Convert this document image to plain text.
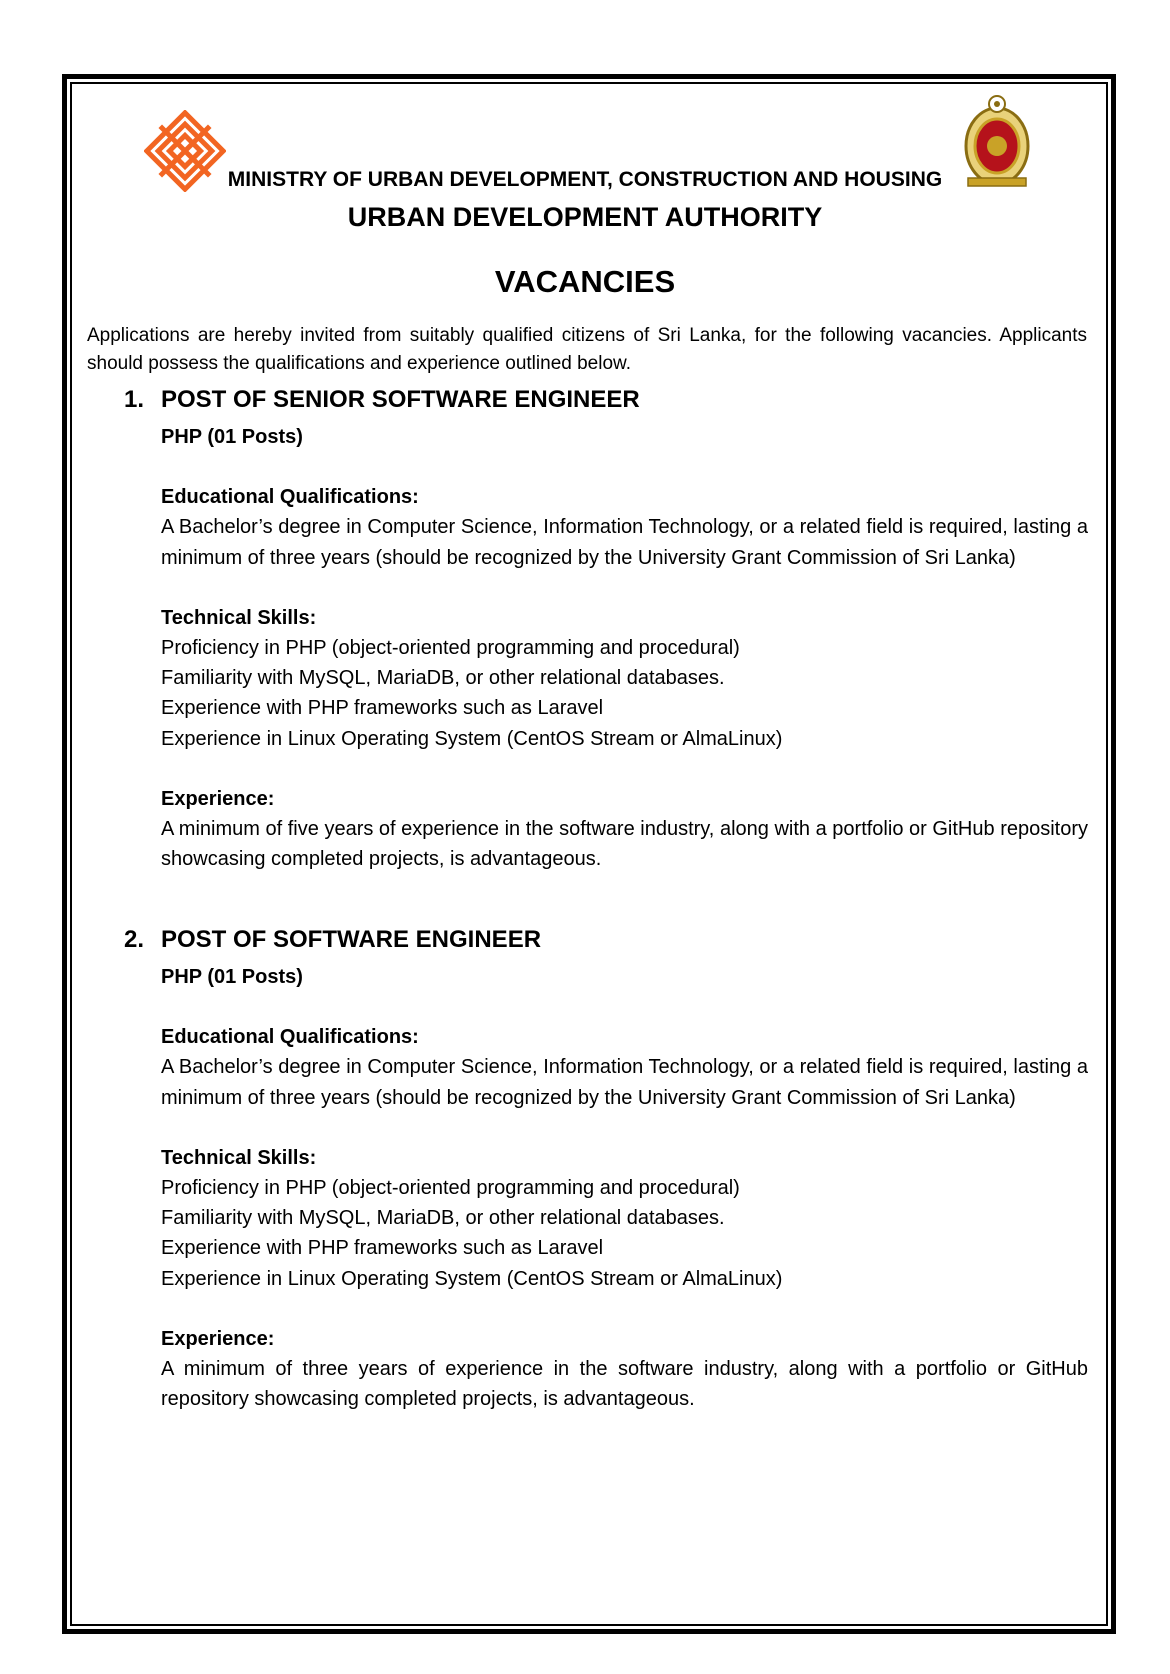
MINISTRY OF URBAN DEVELOPMENT, CONSTRUCTION AND HOUSING
URBAN DEVELOPMENT AUTHORITY
VACANCIES
Applications are hereby invited from suitably qualified citizens of Sri Lanka, for the following vacancies. Applicants should possess the qualifications and experience outlined below.
1. POST OF SENIOR SOFTWARE ENGINEER
PHP (01 Posts)
Educational Qualifications:
A Bachelor’s degree in Computer Science, Information Technology, or a related field is required, lasting a minimum of three years (should be recognized by the University Grant Commission of Sri Lanka)
Technical Skills:
Proficiency in PHP (object-oriented programming and procedural)
Familiarity with MySQL, MariaDB, or other relational databases.
Experience with PHP frameworks such as Laravel
Experience in Linux Operating System (CentOS Stream or AlmaLinux)
Experience:
A minimum of five years of experience in the software industry, along with a portfolio or GitHub repository showcasing completed projects, is advantageous.
2. POST OF SOFTWARE ENGINEER
PHP (01 Posts)
Educational Qualifications:
A Bachelor’s degree in Computer Science, Information Technology, or a related field is required, lasting a minimum of three years (should be recognized by the University Grant Commission of Sri Lanka)
Technical Skills:
Proficiency in PHP (object-oriented programming and procedural)
Familiarity with MySQL, MariaDB, or other relational databases.
Experience with PHP frameworks such as Laravel
Experience in Linux Operating System (CentOS Stream or AlmaLinux)
Experience:
A minimum of three years of experience in the software industry, along with a portfolio or GitHub repository showcasing completed projects, is advantageous.
